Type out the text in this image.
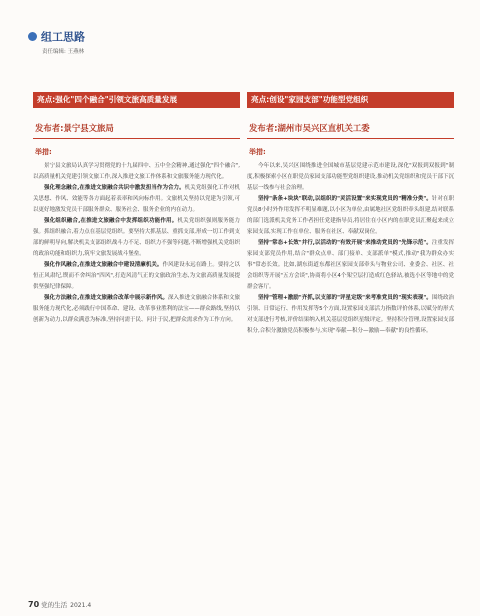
组工思路
责任编辑: 王燕林
亮点:强化"四个融合"引领文旅高质量发展
发布者:景宁县文旅局
举措:

景宁县文旅局认真学习贯彻党的十九届四中、五中全会精神,通过强化"四个融合",以高质量机关党建引领文旅工作,深入推进文旅工作体系和文旅服务能力现代化。

强化理念融合,在推进文旅融合共识中激发担当作为合力。机关党组强化工作对机关思想、作风、效能等各方面起着表率和风向标作用。文旅机关坚持以党建为引领,可以更好地激发党员干部服务群众、服务社会、服务企业的内在动力。

强化组织融合,在推进文旅融合中发挥组织功能作用。机关党组织强则服务能力强。抓组织融合,着力点在基层党组织。要坚持大抓基层、重抓支部,形成一切工作到支部的鲜明导向,解决机关支部组织战斗力不足、组织力不强等问题,不断增强机关党组织的政治功能和组织力,筑牢文旅发展战斗堡垒。

强化作风融合,在推进文旅融合中建设清廉机关。作风建设永远在路上。要持之以恒正风肃纪,锲而不舍纠治"四风",打造风清气正的文旅政治生态,为文旅高质量发展提供坚强纪律保障。

强化方法融合,在推进文旅融合改革中展示新作风。深入推进文旅融合体系和文旅服务能力现代化,必须践行中国革命、建设、改革事业胜利的法宝——群众路线,坚持以创新为动力,以群众满意为标准,坚持问需于民、问计于民,把群众需求作为工作方向。

亮点:创设"家园支部"功能型党组织
发布者:湖州市吴兴区直机关工委
举措:

今年以来,吴兴区围绕推进全国城市基层党建示范市建设,深化"双报到双报到"制度,积极探索小区在职党员家园支部功能型党组织建设,推动机关党组织和党员干部下沉基层一线参与社会治理。

坚持"条条+块块"联动,以组织的"灵活设置"来实现党员的"精准分类"。针对在职党员8小时外作用发挥不明显难题,以小区为单位,由属地社区党组织牵头组建,结对联系的部门选派机关党务工作者担任党建指导员,将居住在小区内的在职党员汇聚起来成立家园支部,实现工作在单位、服务在社区、奉献双岗位。

坚持"常态+长效"并行,以活动的"有效开展"来推动党员的"先锋示范"。注重发挥家园支部党员作用,结合"群众点单、部门接单、支部派单"模式,推动"我为群众办实事"常态长效。比如,湖东街道东都社区家园支部牵头与物业公司、业委会、社区、社会组织等开展"五方会谈",协商将小区4个架空层打造成红色驿站,被选小区等地中的党群会客厅。

坚持"管理+激励"齐抓,以支部的"评星定级"来考准党员的"现实表现"。围绕政治引领、日常运行、作用发挥等5个方面,设置家园支部活力指数评价体系,以赋分的形式对支部进行考核,评价结果纳入机关基层党组织星级评定。坚持积分管理,设置家园支部积分,合积分激励党员积极参与,实现"奉献—积分—激励—奉献"的良性循环。

70 党的生活 2021.4
